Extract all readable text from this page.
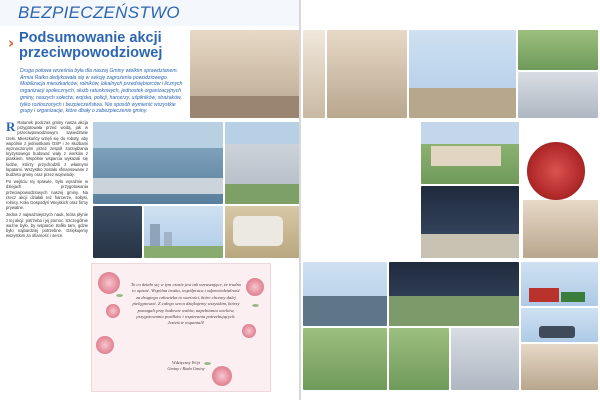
BEZPIECZEŃSTWO
› Podsumowanie akcji przeciwpowodziowej
Druga połowa września była dla naszej Gminy wielkim sprawdzianem. Armia Ratko dedykowała się w sekcję zagrożenia powodziowego. Mobilizacja mieszkańców, rolników, lokalnych przedsiębiorców i licznych organizacji społecznych, służb ratunkowych, jednostek organizacyjnych gminy, naszych sołectw, wojska, policji, harcerzy, uśpiłników, strażaków, tylko rozłoszonych i bezpieczeństwa. Nie sposób wymienić wszystkie grupy i organizacje, które dbały o zabezpieczenie gminy.

R Ratunek podczas gminy nasza akcja przygotowała przed wodą, jak w przeciwpowodziowym sąsiedztwie rzeki. Mieszkańcy wzięli się do roboty, aby wspólnie z jednostkami OSP i ze służbami wyznaczonymi przez zespół zarządzania kryzysowego budować wały z worków z piaskiem. Wspólnie wsparcia wykazali się ludzie, którzy przychodzili z własnymi łopatami. Wszystko zostało sfinansowane z budżetu gminy oraz przez wojewodę.

Po wejściu tej sprawie, było wyraźnie w dziejach przygotowania przeciwpowodziowych naszej gminy. Na rzecz akcji działali też harcerze, sołtysi, rolnicy, Koła Gospodyń Wiejskich oraz firmy prywatne.

Jedna z najważniejszych nauk, która płynie z tej akcji: potrzeba i jej pomoc. Szczególnie ważne było, by wsparcie trafiło tam, gdzie było najbardziej potrzebne. Dziękujemy wszystkim za ofiarność i serce.

To co działo się w tym czasie jest tak wzruszające, że trudno to opisać. Wspólna troska, współpraca i odpowiedzialność za drugiego człowieka to wartości, które chcemy dalej pielęgnować. Z całego serca dziękujemy wszystkim, którzy pomagali przy budowie wałów, napełnianiu worków, przygotowaniu posiłków i wspieraniu potrzebujących. Jesteście wspaniali!
Wdzięczny Wójt
Gminy i Rada Gminy
